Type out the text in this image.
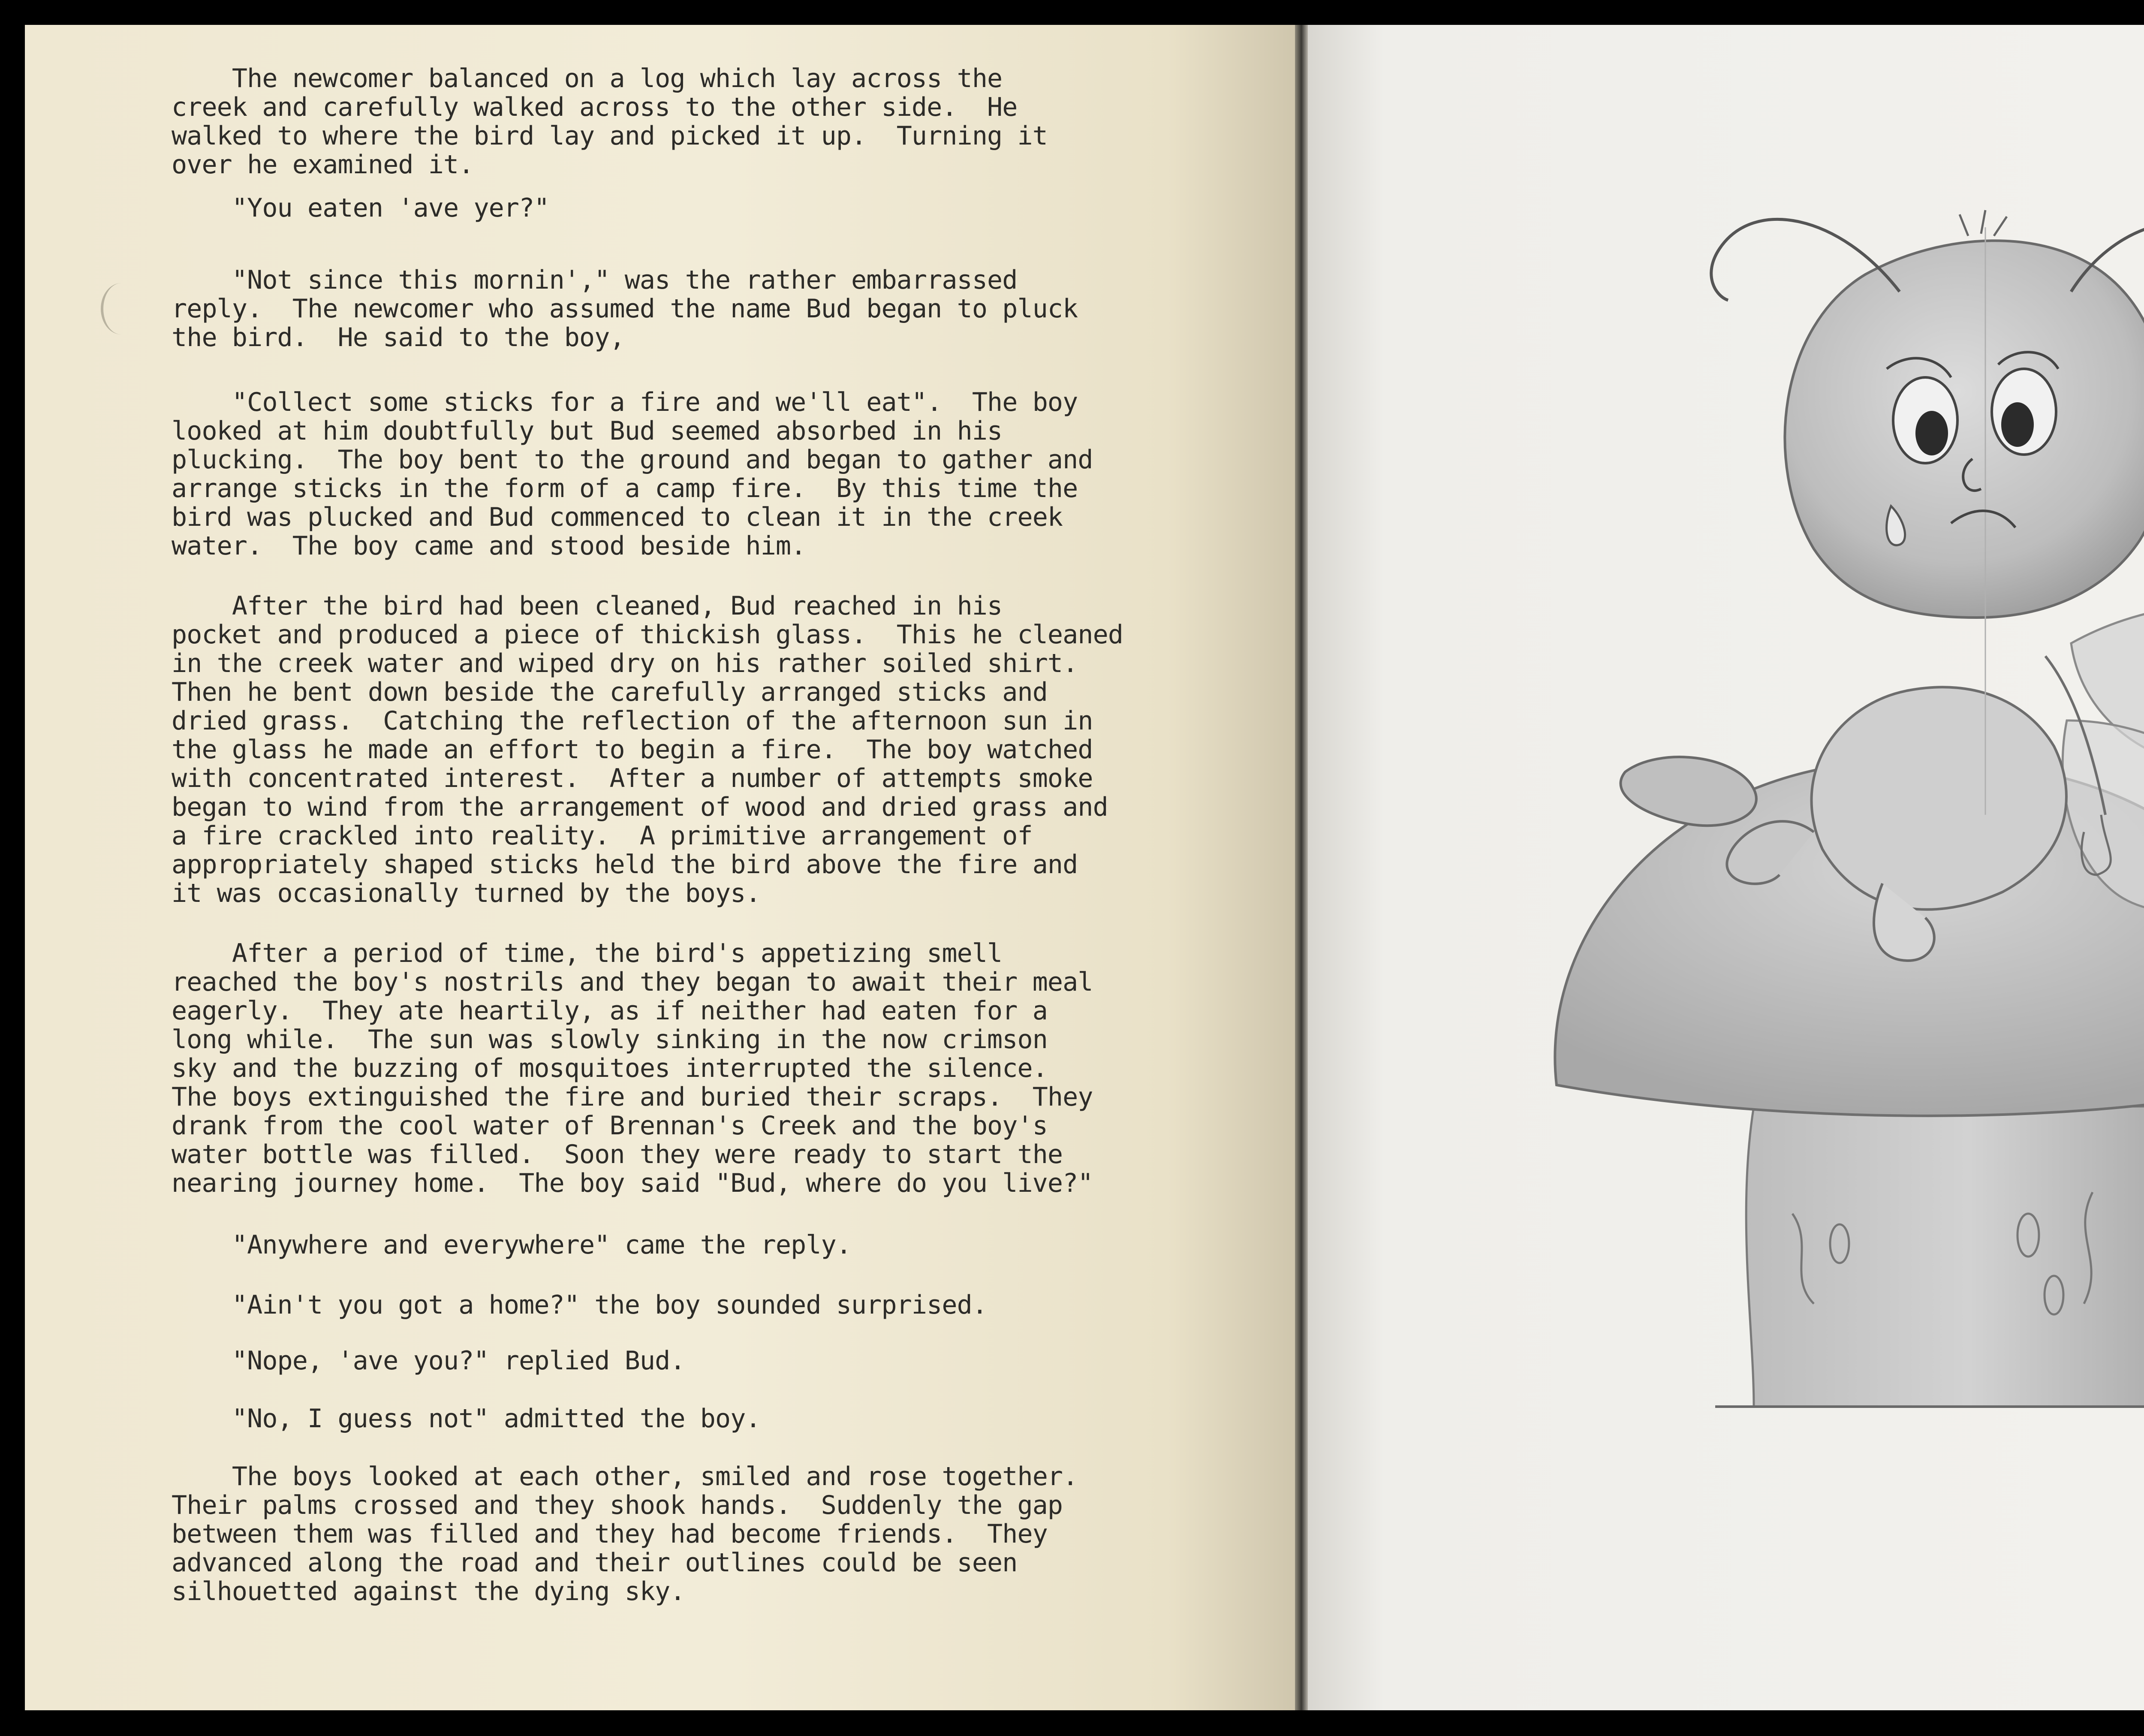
The newcomer balanced on a log which lay across the
creek and carefully walked across to the other side.  He
walked to where the bird lay and picked it up.  Turning it
over he examined it.

"You eaten 'ave yer?"

"Not since this mornin'," was the rather embarrassed
reply.  The newcomer who assumed the name Bud began to pluck
the bird.  He said to the boy,

"Collect some sticks for a fire and we'll eat".  The boy
looked at him doubtfully but Bud seemed absorbed in his
plucking.  The boy bent to the ground and began to gather and
arrange sticks in the form of a camp fire.  By this time the
bird was plucked and Bud commenced to clean it in the creek
water.  The boy came and stood beside him.

After the bird had been cleaned, Bud reached in his
pocket and produced a piece of thickish glass.  This he cleaned
in the creek water and wiped dry on his rather soiled shirt.
Then he bent down beside the carefully arranged sticks and
dried grass.  Catching the reflection of the afternoon sun in
the glass he made an effort to begin a fire.  The boy watched
with concentrated interest.  After a number of attempts smoke
began to wind from the arrangement of wood and dried grass and
a fire crackled into reality.  A primitive arrangement of
appropriately shaped sticks held the bird above the fire and
it was occasionally turned by the boys.

After a period of time, the bird's appetizing smell
reached the boy's nostrils and they began to await their meal
eagerly.  They ate heartily, as if neither had eaten for a
long while.  The sun was slowly sinking in the now crimson
sky and the buzzing of mosquitoes interrupted the silence.
The boys extinguished the fire and buried their scraps.  They
drank from the cool water of Brennan's Creek and the boy's
water bottle was filled.  Soon they were ready to start the
nearing journey home.  The boy said "Bud, where do you live?"

"Anywhere and everywhere" came the reply.

"Ain't you got a home?" the boy sounded surprised.

"Nope, 'ave you?" replied Bud.

"No, I guess not" admitted the boy.

The boys looked at each other, smiled and rose together.
Their palms crossed and they shook hands.  Suddenly the gap
between them was filled and they had become friends.  They
advanced along the road and their outlines could be seen
silhouetted against the dying sky.
